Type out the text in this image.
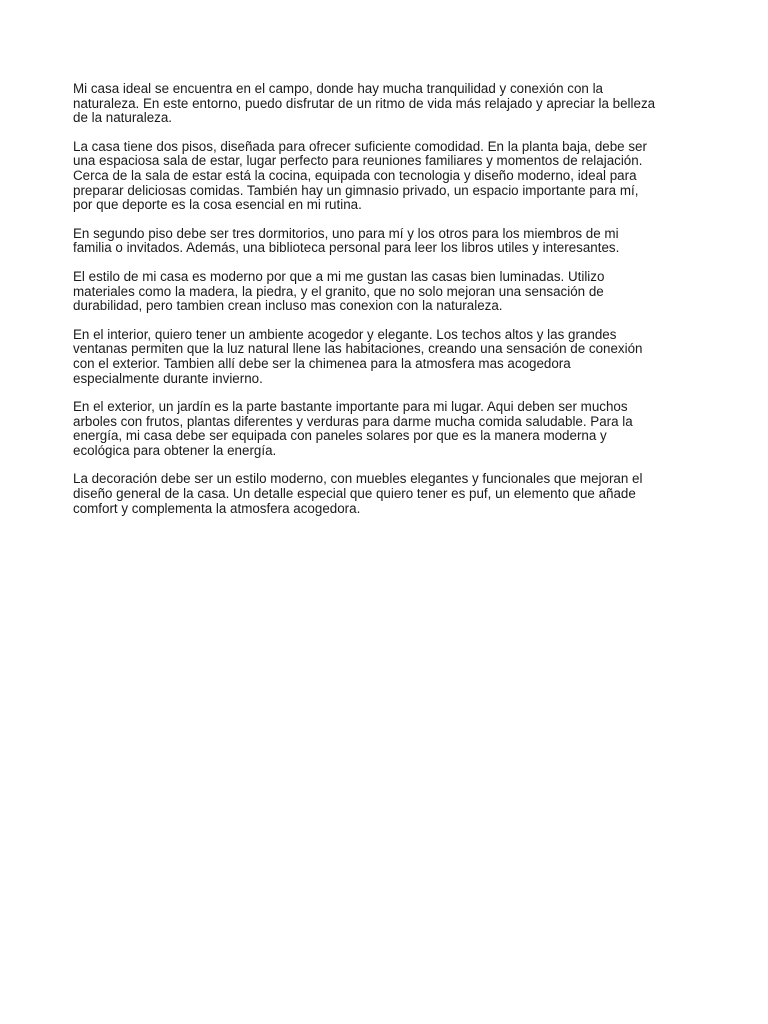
Mi casa ideal se encuentra en el campo, donde hay mucha tranquilidad y conexión con la
naturaleza. En este entorno, puedo disfrutar de un ritmo de vida más relajado y apreciar la belleza
de la naturaleza.

La casa tiene dos pisos, diseñada para ofrecer suficiente comodidad. En la planta baja, debe ser
una espaciosa sala de estar, lugar perfecto para reuniones familiares y momentos de relajación.
Cerca de la sala de estar está la cocina, equipada con tecnologia y diseño moderno, ideal para
preparar deliciosas comidas. También hay un gimnasio privado, un espacio importante para mí,
por que deporte es la cosa esencial en mi rutina.

En segundo piso debe ser tres dormitorios, uno para mí y los otros para los miembros de mi
familia o invitados. Además, una biblioteca personal para leer los libros utiles y interesantes.

El estilo de mi casa es moderno por que a mi me gustan las casas bien luminadas. Utilizo
materiales como la madera, la piedra, y el granito, que no solo mejoran una sensación de
durabilidad, pero tambien crean incluso mas conexion con la naturaleza.

En el interior, quiero tener un ambiente acogedor y elegante. Los techos altos y las grandes
ventanas permiten que la luz natural llene las habitaciones, creando una sensación de conexión
con el exterior. Tambien allí debe ser la chimenea para la atmosfera mas acogedora
especialmente durante invierno.

En el exterior, un jardín es la parte bastante importante para mi lugar. Aqui deben ser muchos
arboles con frutos, plantas diferentes y verduras para darme mucha comida saludable. Para la
energía, mi casa debe ser equipada con paneles solares por que es la manera moderna y
ecológica para obtener la energía.

La decoración debe ser un estilo moderno, con muebles elegantes y funcionales que mejoran el
diseño general de la casa. Un detalle especial que quiero tener es puf, un elemento que añade
comfort y complementa la atmosfera acogedora.
